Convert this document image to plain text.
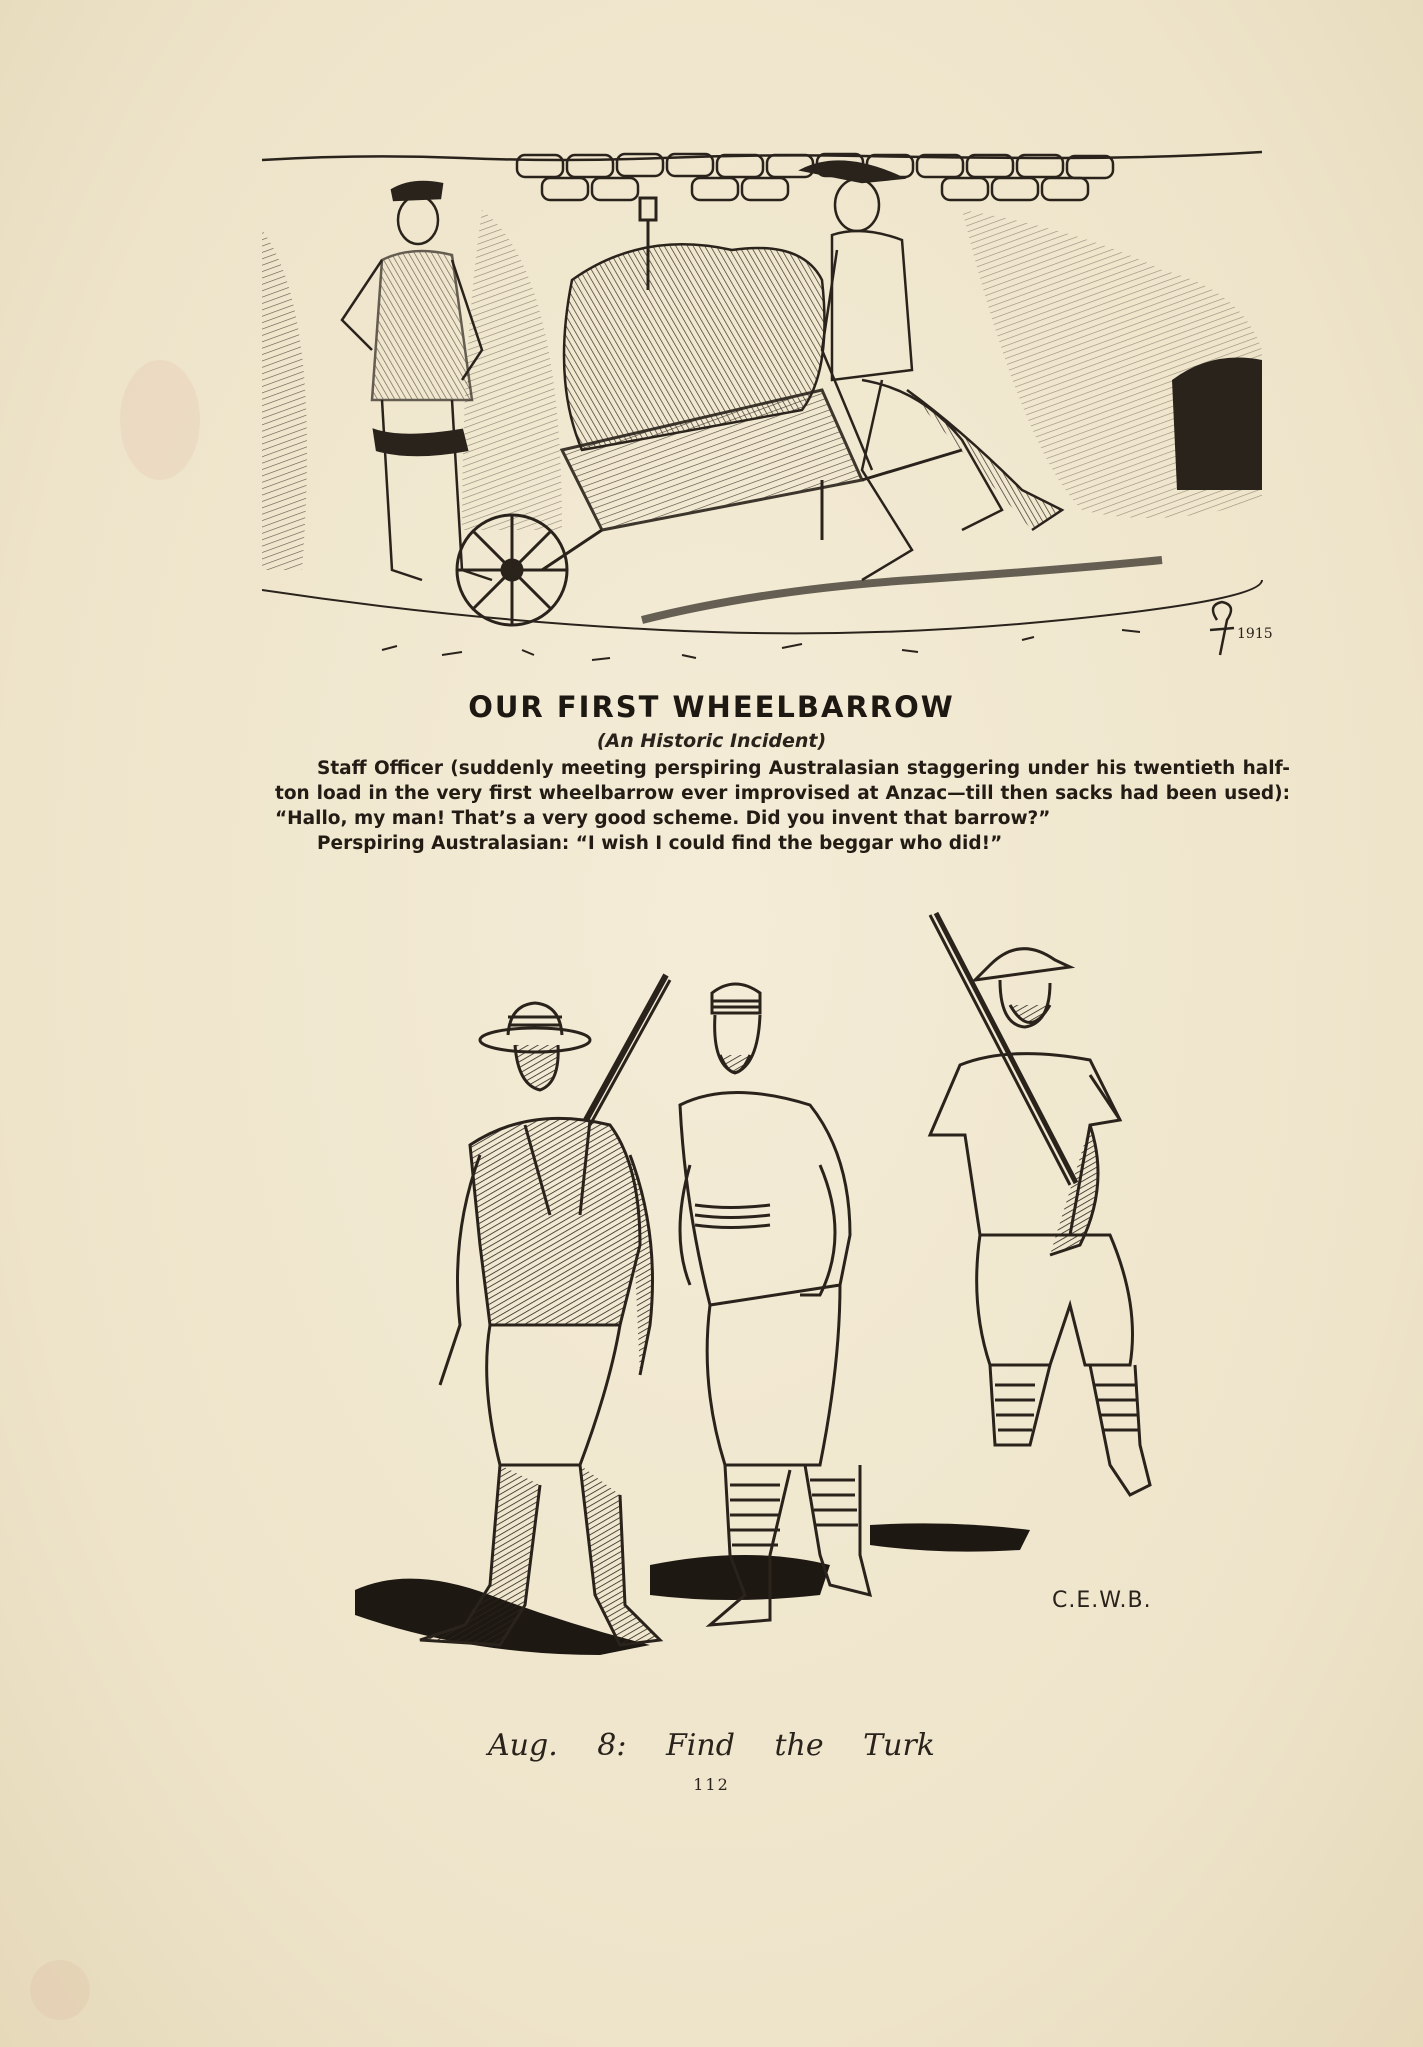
1915
OUR FIRST WHEELBARROW
(An Historic Incident)

Staff Officer (suddenly meeting perspiring Australasian staggering under his twentieth half-ton load in the very first wheelbarrow ever improvised at Anzac—till then sacks had been used): “Hallo, my man! That’s a very good scheme. Did you invent that barrow?”

Perspiring Australasian: “I wish I could find the beggar who did!”

C.E.W.B.
Aug. 8: Find the Turk
112
